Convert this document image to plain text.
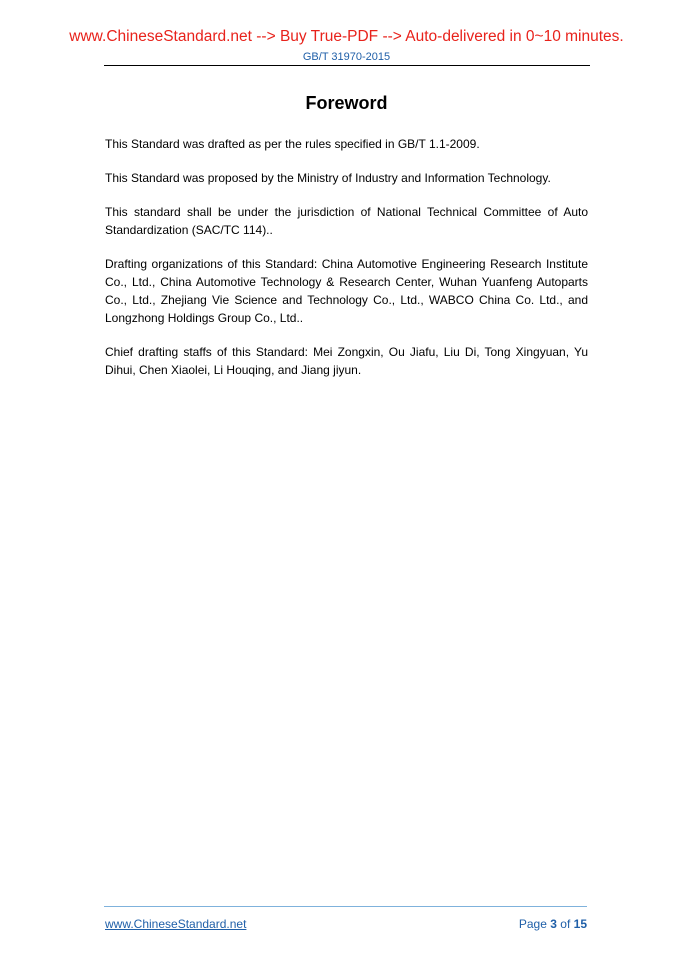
www.ChineseStandard.net --> Buy True-PDF --> Auto-delivered in 0~10 minutes.
GB/T 31970-2015
Foreword

This Standard was drafted as per the rules specified in GB/T 1.1-2009.

This Standard was proposed by the Ministry of Industry and Information Technology.

This standard shall be under the jurisdiction of National Technical Committee of Auto Standardization (SAC/TC 114)..

Drafting organizations of this Standard: China Automotive Engineering Research Institute Co., Ltd., China Automotive Technology & Research Center, Wuhan Yuanfeng Autoparts Co., Ltd., Zhejiang Vie Science and Technology Co., Ltd., WABCO China Co. Ltd., and Longzhong Holdings Group Co., Ltd..

Chief drafting staffs of this Standard: Mei Zongxin, Ou Jiafu, Liu Di, Tong Xingyuan, Yu Dihui, Chen Xiaolei, Li Houqing, and Jiang jiyun.

www.ChineseStandard.net	Page 3 of 15
